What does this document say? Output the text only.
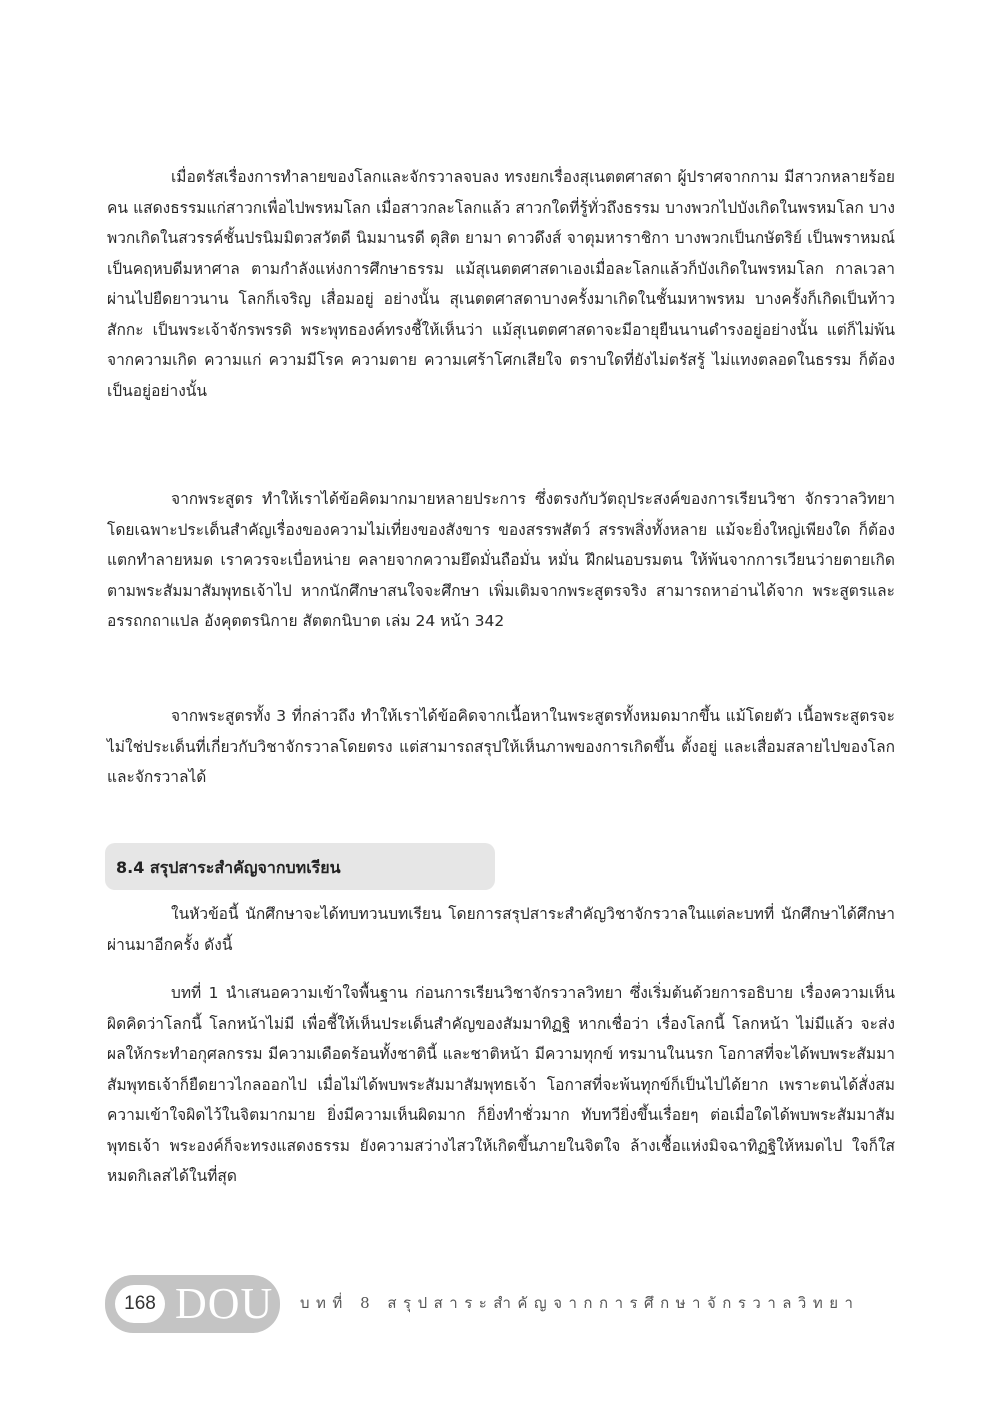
เมื่อตรัสเรื่องการทำลายของโลกและจักรวาลจบลง ทรงยกเรื่องสุเนตตศาสดา ผู้ปราศจากกาม มีสาวกหลายร้อยคน แสดงธรรมแก่สาวกเพื่อไปพรหมโลก เมื่อสาวกละโลกแล้ว สาวกใดที่รู้ทั่วถึงธรรม บางพวกไปบังเกิดในพรหมโลก บางพวกเกิดในสวรรค์ชั้นปรนิมมิตวสวัตดี นิมมานรดี ดุสิต ยามา ดาวดึงส์ จาตุมหาราชิกา บางพวกเป็นกษัตริย์ เป็นพราหมณ์ เป็นคฤหบดีมหาศาล ตามกำลังแห่งการศึกษาธรรม แม้สุเนตตศาสดาเองเมื่อละโลกแล้วก็บังเกิดในพรหมโลก กาลเวลาผ่านไปยืดยาวนาน โลกก็เจริญ เสื่อมอยู่ อย่างนั้น สุเนตตศาสดาบางครั้งมาเกิดในชั้นมหาพรหม บางครั้งก็เกิดเป็นท้าวสักกะ เป็นพระเจ้าจักรพรรดิ พระพุทธองค์ทรงชี้ให้เห็นว่า แม้สุเนตตศาสดาจะมีอายุยืนนานดำรงอยู่อย่างนั้น แต่ก็ไม่พ้นจากความเกิด ความแก่ ความมีโรค ความตาย ความเศร้าโศกเสียใจ ตราบใดที่ยังไม่ตรัสรู้ ไม่แทงตลอดในธรรม ก็ต้องเป็นอยู่อย่างนั้น

จากพระสูตร ทำให้เราได้ข้อคิดมากมายหลายประการ ซึ่งตรงกับวัตถุประสงค์ของการเรียนวิชา จักรวาลวิทยา โดยเฉพาะประเด็นสำคัญเรื่องของความไม่เที่ยงของสังขาร ของสรรพสัตว์ สรรพสิ่งทั้งหลาย แม้จะยิ่งใหญ่เพียงใด ก็ต้องแตกทำลายหมด เราควรจะเบื่อหน่าย คลายจากความยึดมั่นถือมั่น หมั่น ฝึกฝนอบรมตน ให้พ้นจากการเวียนว่ายตายเกิด ตามพระสัมมาสัมพุทธเจ้าไป หากนักศึกษาสนใจจะศึกษา เพิ่มเติมจากพระสูตรจริง สามารถหาอ่านได้จาก พระสูตรและอรรถกถาแปล อังคุตตรนิกาย สัตตกนิบาต เล่ม 24 หน้า 342

จากพระสูตรทั้ง 3 ที่กล่าวถึง ทำให้เราได้ข้อคิดจากเนื้อหาในพระสูตรทั้งหมดมากขึ้น แม้โดยตัว เนื้อพระสูตรจะไม่ใช่ประเด็นที่เกี่ยวกับวิชาจักรวาลโดยตรง แต่สามารถสรุปให้เห็นภาพของการเกิดขึ้น ตั้งอยู่ และเสื่อมสลายไปของโลกและจักรวาลได้

8.4 สรุปสาระสำคัญจากบทเรียน

ในหัวข้อนี้ นักศึกษาจะได้ทบทวนบทเรียน โดยการสรุปสาระสำคัญวิชาจักรวาลในแต่ละบทที่ นักศึกษาได้ศึกษาผ่านมาอีกครั้ง ดังนี้

บทที่ 1 นำเสนอความเข้าใจพื้นฐาน ก่อนการเรียนวิชาจักรวาลวิทยา ซึ่งเริ่มต้นด้วยการอธิบาย เรื่องความเห็นผิดคิดว่าโลกนี้ โลกหน้าไม่มี เพื่อชี้ให้เห็นประเด็นสำคัญของสัมมาทิฏฐิ หากเชื่อว่า เรื่องโลกนี้ โลกหน้า ไม่มีแล้ว จะส่งผลให้กระทำอกุศลกรรม มีความเดือดร้อนทั้งชาตินี้ และชาติหน้า มีความทุกข์ ทรมานในนรก โอกาสที่จะได้พบพระสัมมาสัมพุทธเจ้าก็ยืดยาวไกลออกไป เมื่อไม่ได้พบพระสัมมาสัมพุทธเจ้า โอกาสที่จะพ้นทุกข์ก็เป็นไปได้ยาก เพราะตนได้สั่งสมความเข้าใจผิดไว้ในจิตมากมาย ยิ่งมีความเห็นผิดมาก ก็ยิ่งทำชั่วมาก ทับทวียิ่งขึ้นเรื่อยๆ ต่อเมื่อใดได้พบพระสัมมาสัมพุทธเจ้า พระองค์ก็จะทรงแสดงธรรม ยังความสว่างไสวให้เกิดขึ้นภายในจิตใจ ล้างเชื้อแห่งมิจฉาทิฏฐิให้หมดไป ใจก็ใส หมดกิเลสได้ในที่สุด

168 DOU บทที่ 8 สรุปสาระสำคัญจากการศึกษาจักรวาลวิทยา
